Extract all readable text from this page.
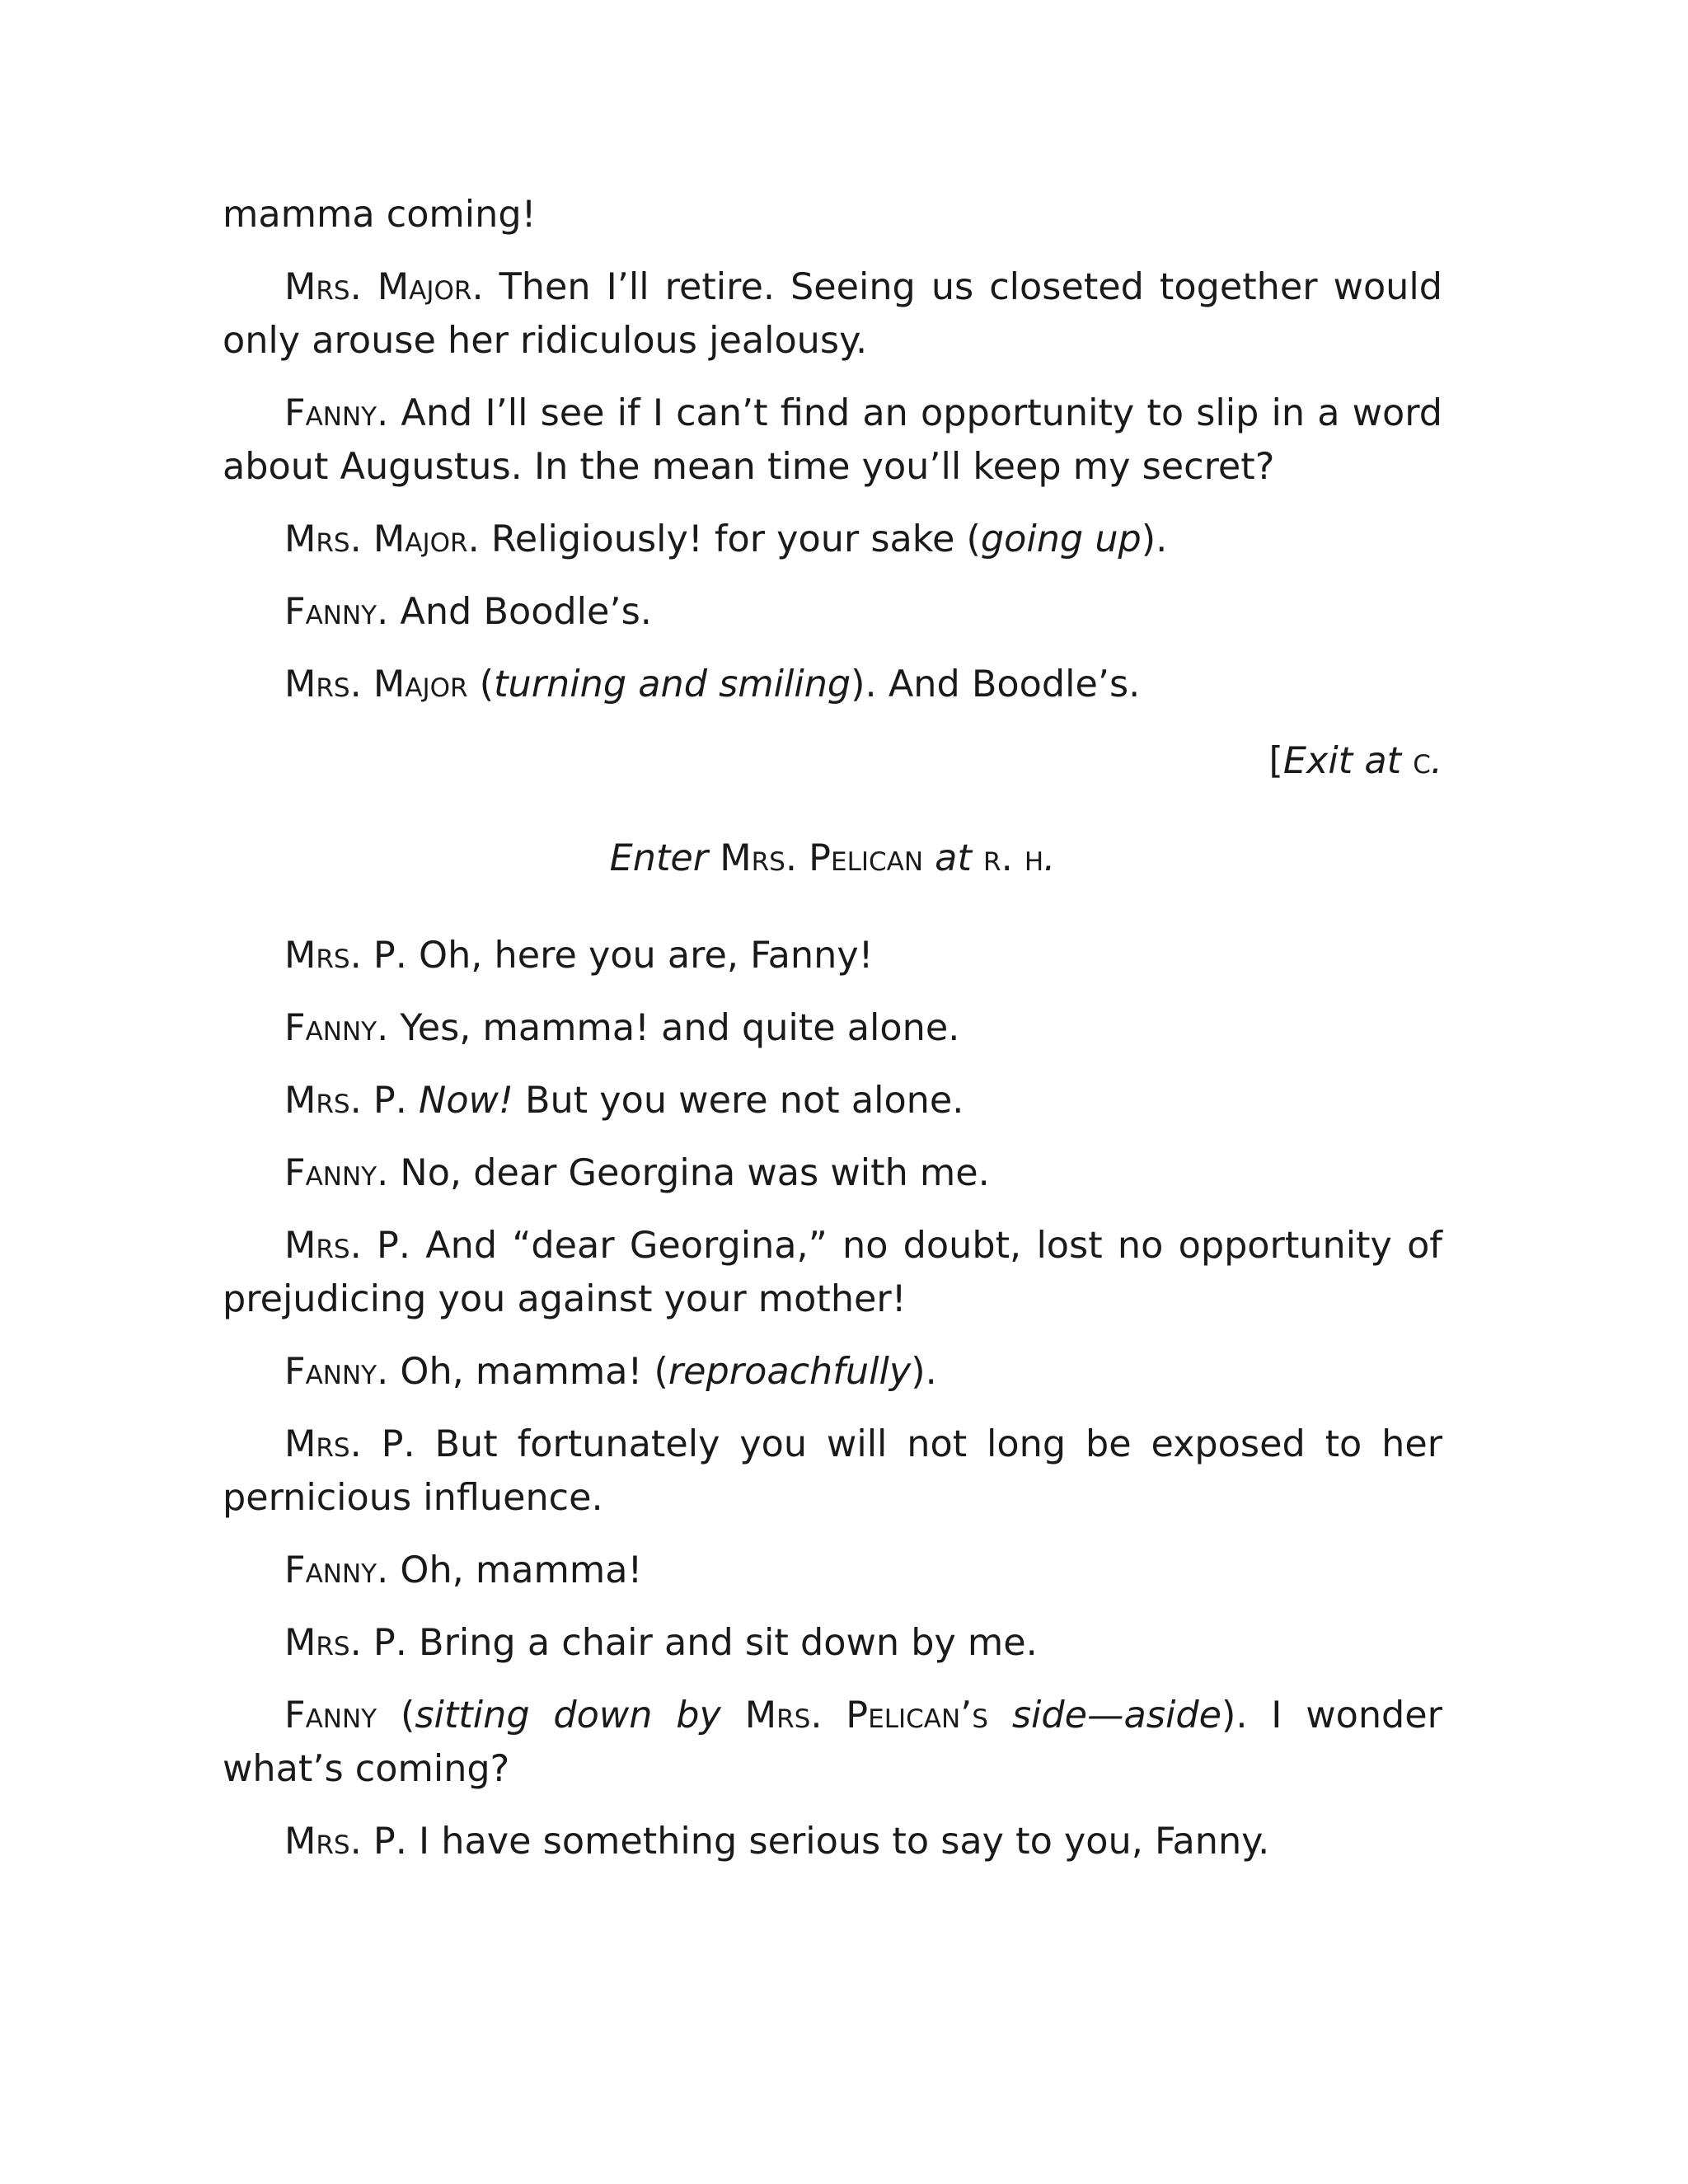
mamma coming!

Mrs. Major. Then I’ll retire. Seeing us closeted together would only arouse her ridiculous jealousy.

Fanny. And I’ll see if I can’t find an opportunity to slip in a word about Augustus. In the mean time you’ll keep my secret?

Mrs. Major. Religiously! for your sake (going up).

Fanny. And Boodle’s.

Mrs. Major (turning and smiling). And Boodle’s.

[Exit at c.
Enter Mrs. Pelican at r. h.

Mrs. P. Oh, here you are, Fanny!

Fanny. Yes, mamma! and quite alone.

Mrs. P. Now! But you were not alone.

Fanny. No, dear Georgina was with me.

Mrs. P. And “dear Georgina,” no doubt, lost no opportunity of prejudicing you against your mother!

Fanny. Oh, mamma! (reproachfully).

Mrs. P. But fortunately you will not long be exposed to her pernicious influence.

Fanny. Oh, mamma!

Mrs. P. Bring a chair and sit down by me.

Fanny (sitting down by Mrs. Pelican’s side—aside). I wonder what’s coming?

Mrs. P. I have something serious to say to you, Fanny.
